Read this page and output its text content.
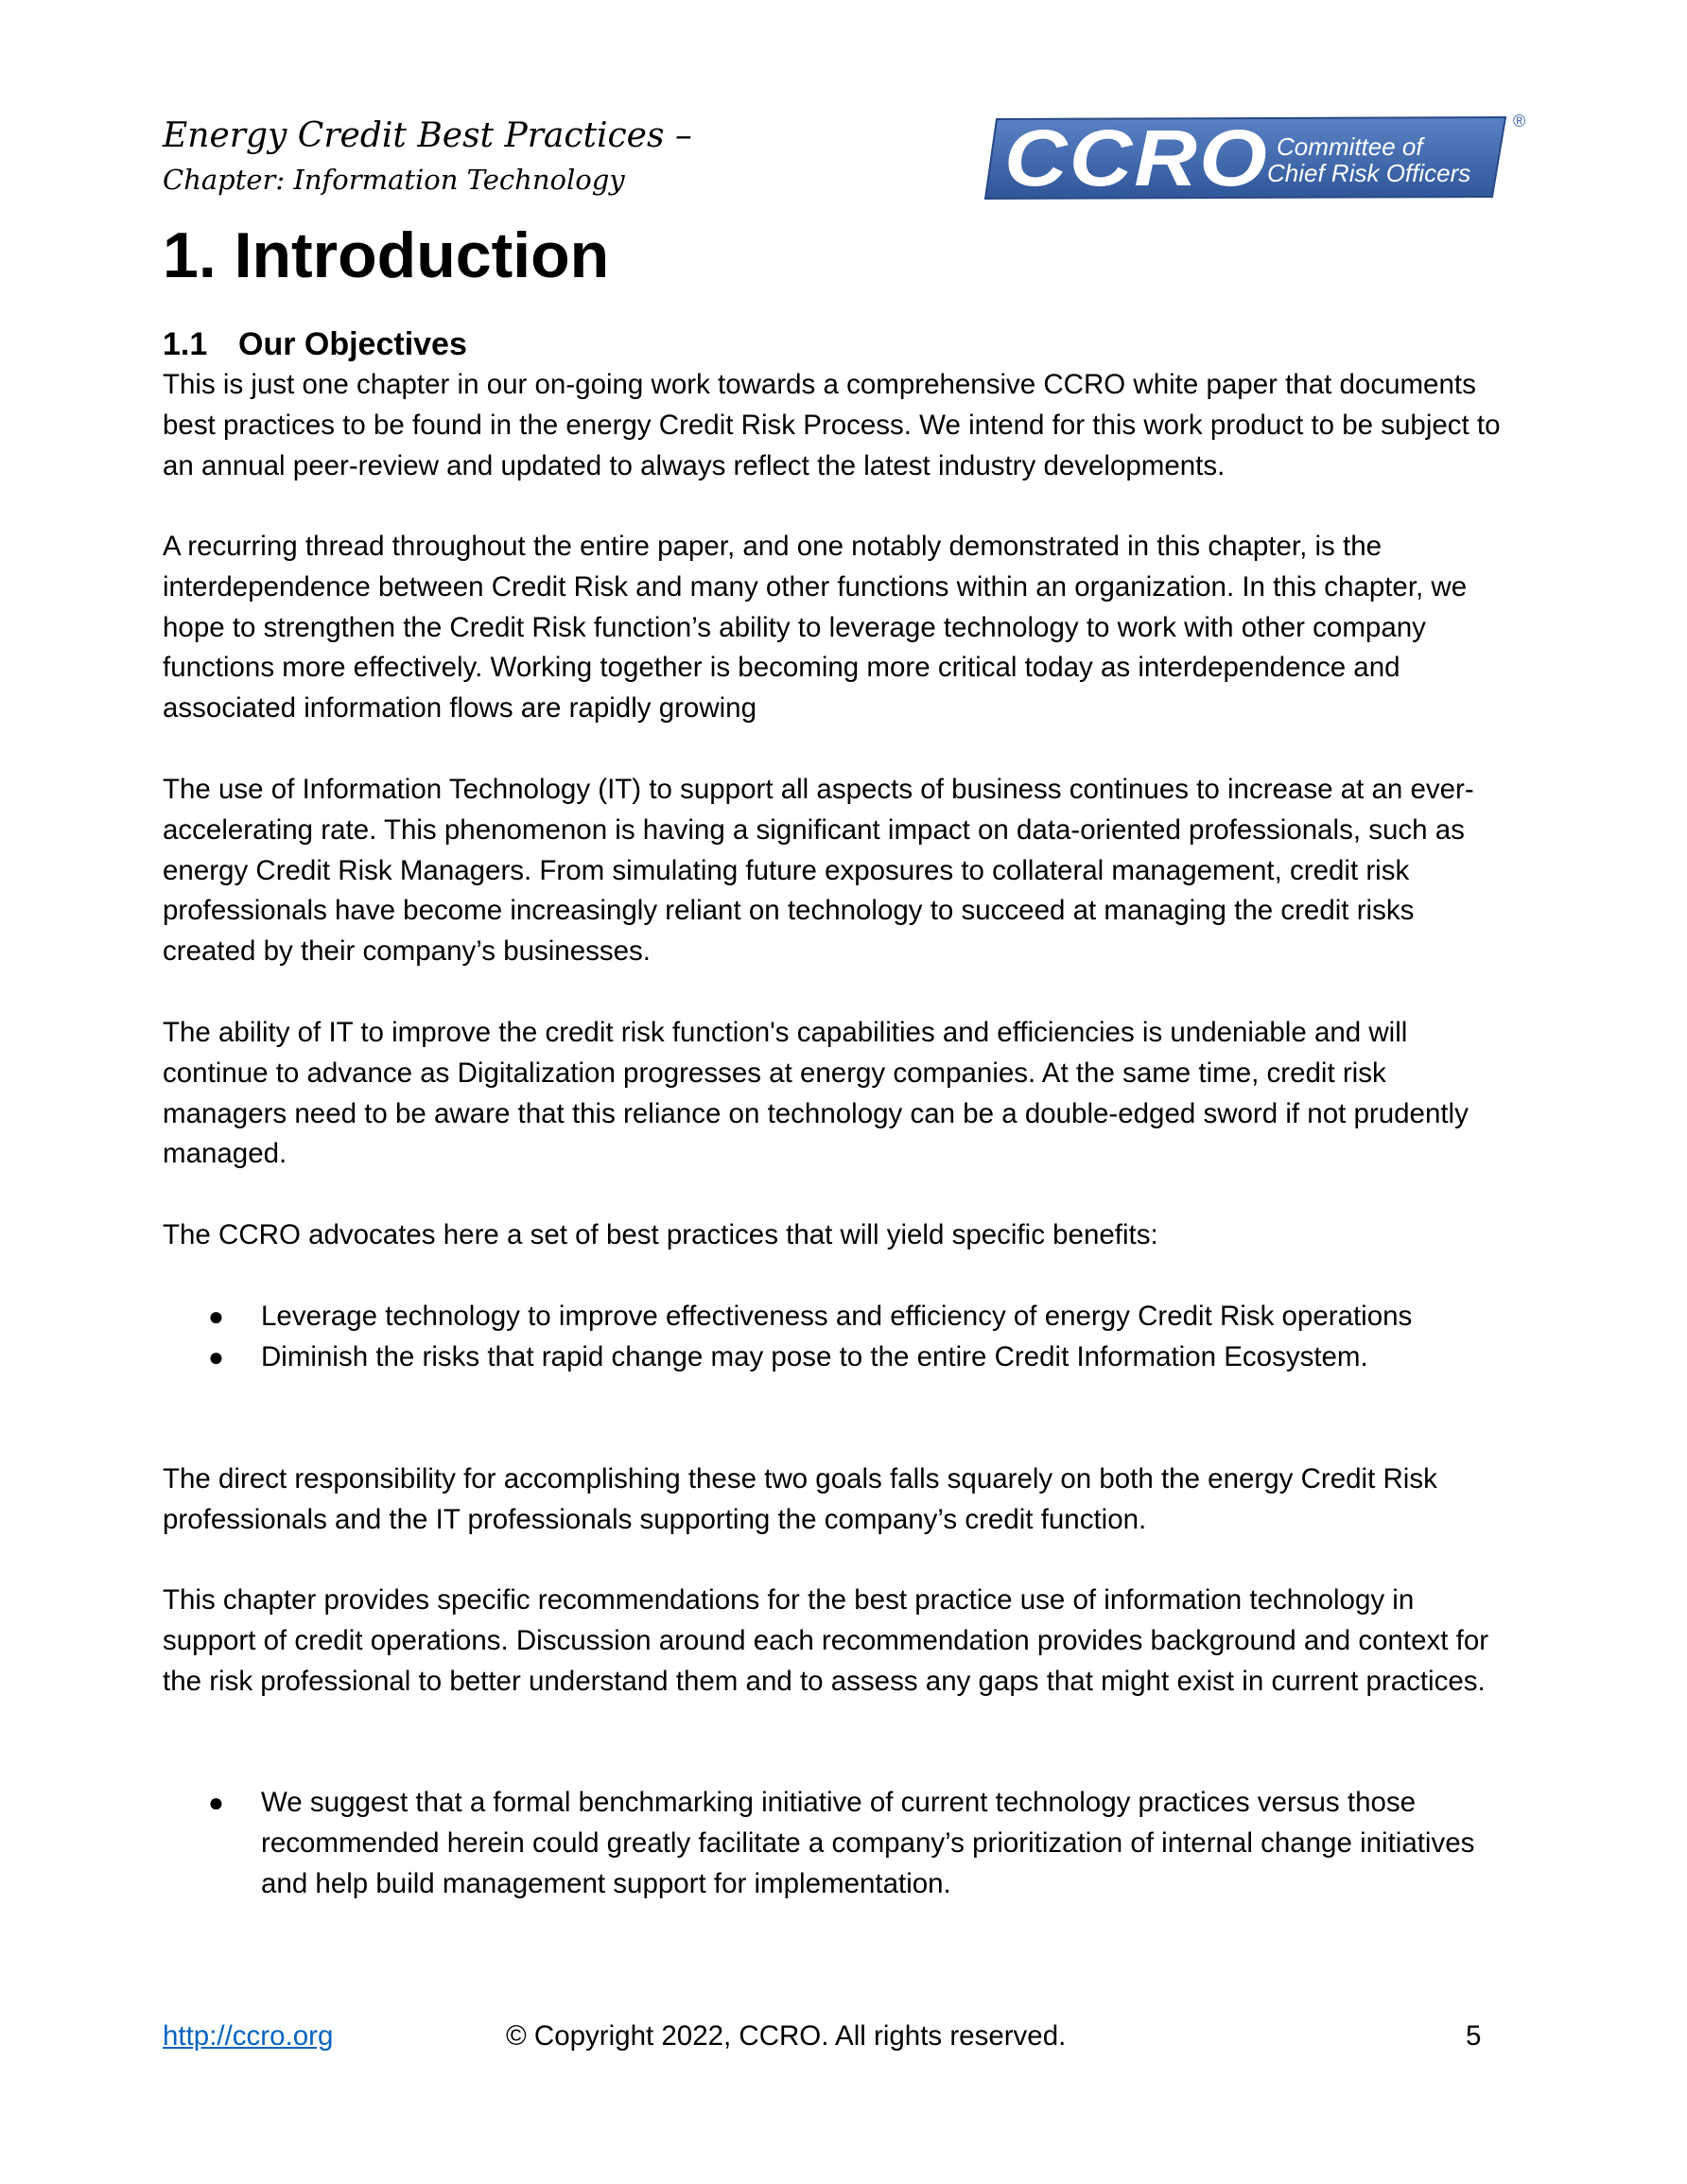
Energy Credit Best Practices –
Chapter: Information Technology	CCRO Committee of
Chief Risk Officers
®
1. Introduction
1.1 Our Objectives

This is just one chapter in our on-going work towards a comprehensive CCRO white paper that documents best practices to be found in the energy Credit Risk Process. We intend for this work product to be subject to an annual peer-review and updated to always reflect the latest industry developments.

A recurring thread throughout the entire paper, and one notably demonstrated in this chapter, is the interdependence between Credit Risk and many other functions within an organization. In this chapter, we hope to strengthen the Credit Risk function’s ability to leverage technology to work with other company functions more effectively. Working together is becoming more critical today as interdependence and associated information flows are rapidly growing

The use of Information Technology (IT) to support all aspects of business continues to increase at an ever-accelerating rate. This phenomenon is having a significant impact on data-oriented professionals, such as energy Credit Risk Managers. From simulating future exposures to collateral management, credit risk professionals have become increasingly reliant on technology to succeed at managing the credit risks created by their company’s businesses.

The ability of IT to improve the credit risk function's capabilities and efficiencies is undeniable and will continue to advance as Digitalization progresses at energy companies. At the same time, credit risk managers need to be aware that this reliance on technology can be a double-edged sword if not prudently managed.

The CCRO advocates here a set of best practices that will yield specific benefits:

● Leverage technology to improve effectiveness and efficiency of energy Credit Risk operations
● Diminish the risks that rapid change may pose to the entire Credit Information Ecosystem.

The direct responsibility for accomplishing these two goals falls squarely on both the energy Credit Risk professionals and the IT professionals supporting the company’s credit function.

This chapter provides specific recommendations for the best practice use of information technology in support of credit operations. Discussion around each recommendation provides background and context for the risk professional to better understand them and to assess any gaps that might exist in current practices.

● We suggest that a formal benchmarking initiative of current technology practices versus those recommended herein could greatly facilitate a company’s prioritization of internal change initiatives and help build management support for implementation.
http://ccro.org	© Copyright 2022, CCRO. All rights reserved.	5
